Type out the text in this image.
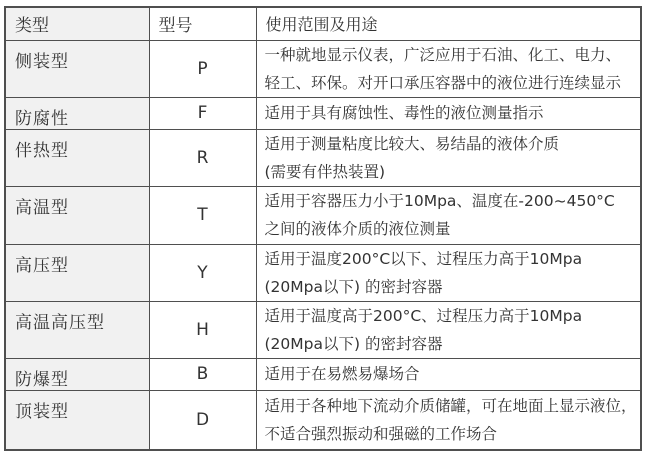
类型	型号	使用范围及用途
侧装型	P	一种就地显示仪表，广泛应用于石油、化工、电力、
轻工、环保。对开口承压容器中的液位进行连续显示

防腐性	F	适用于具有腐蚀性、毒性的液位测量指示

伴热型	R	适用于测量粘度比较大、易结晶的液体介质
(需要有伴热装置)

高温型	T	适用于容器压力小于10Mpa、温度在-200~450°C
之间的液体介质的液位测量

高压型	Y	适用于温度200°C以下、过程压力高于10Mpa
(20Mpa以下) 的密封容器

高温高压型	H	适用于温度高于200°C、过程压力高于10Mpa
(20Mpa以下) 的密封容器

防爆型	B	适用于在易燃易爆场合

顶装型	D	适用于各种地下流动介质储罐，可在地面上显示液位，
不适合强烈振动和强磁的工作场合
